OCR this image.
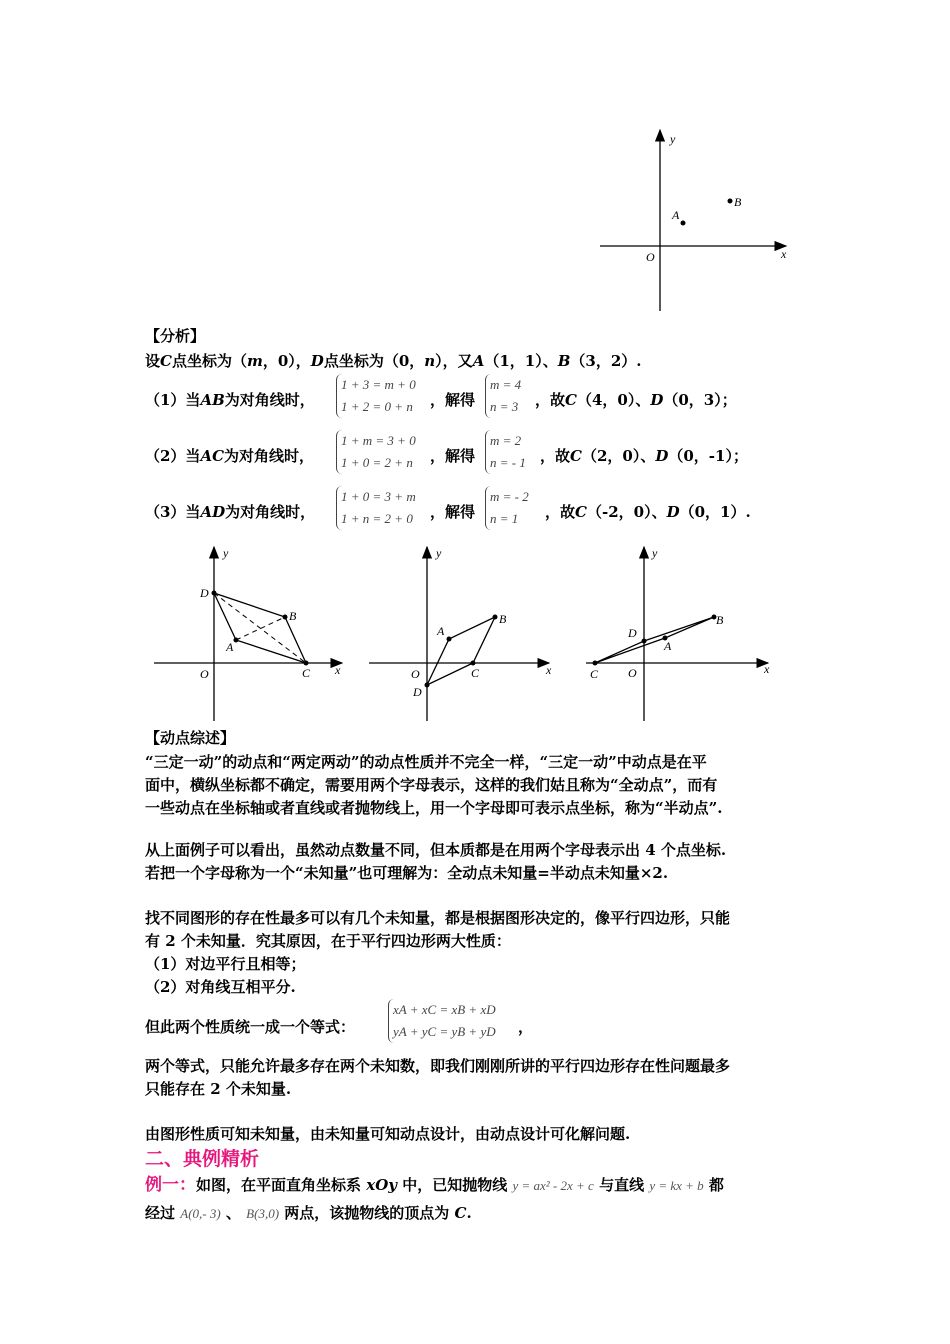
y
x
O
A
B
【分析】
设C点坐标为（m，0），D点坐标为（0，n），又A（1，1）、B（3，2）.
（1）当AB为对角线时，
1 + 3 = m + 0
1 + 2 = 0 + n ，解得
m = 4
n = 3 ，故C（4，0）、D（0，3）；
（2）当AC为对角线时，
1 + m = 3 + 0
1 + 0 = 2 + n ，解得
m = 2
n = - 1 ，故C（2，0）、D（0，-1）；
（3）当AD为对角线时，
1 + 0 = 3 + m
1 + n = 2 + 0 ，解得
m = - 2
n = 1	，故C（-2，0）、D（0，1）.
y
x
O
D
A
B
C
y
x
O
A
B
C
D
y
x
O
D
A
B
C
【动点综述】
“三定一动”的动点和“两定两动”的动点性质并不完全一样，“三定一动”中动点是在平
面中，横纵坐标都不确定，需要用两个字母表示，这样的我们姑且称为“全动点”，而有
一些动点在坐标轴或者直线或者抛物线上，用一个字母即可表示点坐标，称为“半动点”.
从上面例子可以看出，虽然动点数量不同，但本质都是在用两个字母表示出 4 个点坐标.
若把一个字母称为一个“未知量”也可理解为：全动点未知量=半动点未知量×2.
找不同图形的存在性最多可以有几个未知量，都是根据图形决定的，像平行四边形，只能
有 2 个未知量．究其原因，在于平行四边形两大性质：
（1）对边平行且相等；
（2）对角线互相平分.
但此两个性质统一成一个等式：
xA + xC = xB + xD
yA + yC = yB + yD ，
两个等式，只能允许最多存在两个未知数，即我们刚刚所讲的平行四边形存在性问题最多
只能存在 2 个未知量.
由图形性质可知未知量，由未知量可知动点设计，由动点设计可化解问题.
二、典例精析
例一：如图，在平面直角坐标系 xOy 中，已知抛物线 y = ax² - 2x + c 与直线 y = kx + b 都
经过 A(0,- 3) 、 B(3,0) 两点，该抛物线的顶点为 C.
